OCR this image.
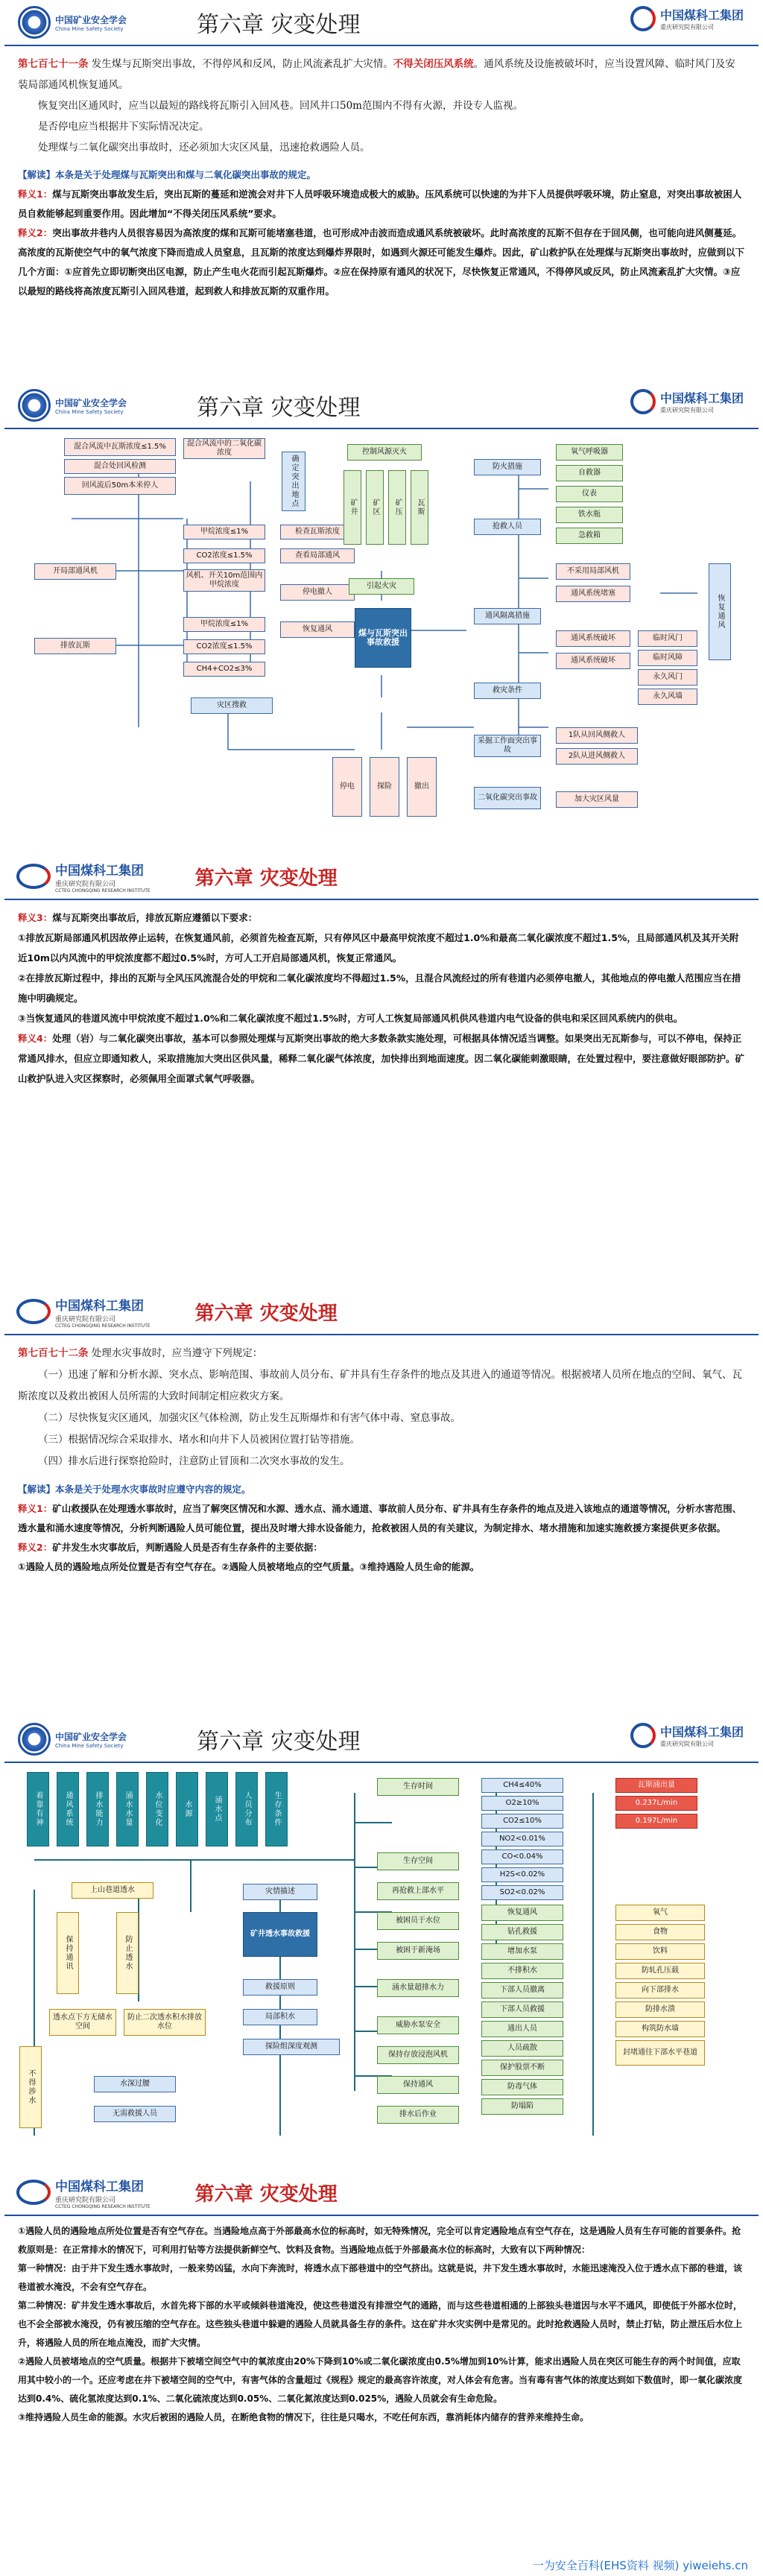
中国矿业安全学会
China Mine Safety Society	第六章 灾变处理	中国煤科工集团
重庆研究院有限公司

第七百七十一条 发生煤与瓦斯突出事故，不得停风和反风，防止风流紊乱扩大灾情。不得关闭压风系统。通风系统及设施被破坏时，应当设置风障、临时风门及安装局部通风机恢复通风。

恢复突出区通风时，应当以最短的路线将瓦斯引入回风巷。回风井口50m范围内不得有火源，并设专人监视。

是否停电应当根据井下实际情况决定。

处理煤与二氧化碳突出事故时，还必须加大灾区风量，迅速抢救遇险人员。

【解读】本条是关于处理煤与瓦斯突出和煤与二氧化碳突出事故的规定。

释义1：煤与瓦斯突出事故发生后，突出瓦斯的蔓延和逆流会对井下人员呼吸环境造成极大的威胁。压风系统可以快速的为井下人员提供呼吸环境，防止窒息，对突出事故被困人员自救能够起到重要作用。因此增加“不得关闭压风系统”要求。

释义2：突出事故井巷内人员很容易因为高浓度的煤和瓦斯可能堵塞巷道，也可形成冲击波而造成通风系统被破坏。此时高浓度的瓦斯不但存在于回风侧，也可能向进风侧蔓延。高浓度的瓦斯使空气中的氧气浓度下降而造成人员窒息，且瓦斯的浓度达到爆炸界限时，如遇到火源还可能发生爆炸。因此，矿山救护队在处理煤与瓦斯突出事故时，应做到以下几个方面：①应首先立即切断突出区电源，防止产生电火花而引起瓦斯爆炸。②应在保持原有通风的状况下，尽快恢复正常通风，不得停风或反风，防止风流紊乱扩大灾情。③应以最短的路线将高浓度瓦斯引入回风巷道，起到救人和排放瓦斯的双重作用。

中国矿业安全学会
China Mine Safety Society	第六章 灾变处理	中国煤科工集团
重庆研究院有限公司
混合风流中瓦斯浓度≤1.5%
混合处回风检测
回风流后50m本米停人
混合风流中的二氧化碳浓度
开局部通风机
排放瓦斯
甲烷浓度≤1%
CO2浓度≤1.5%
风机、开关10m范围内甲烷浓度
甲烷浓度≤1%
CO2浓度≤1.5%
CH4+CO2≤3%
检查瓦斯浓度
查看局部通风
停电撤人
恢复通风
确定突出地点
控制风源灭火
矿井	矿区	矿压	瓦斯
引起火灾
煤与瓦斯突出事故救援
灾区搜救
停电	探险	撤出
防火措施
抢救人员
通风隔离措施
救灾条件
氧气呼吸器
自救器
仪表
铁水瓶
急救箱
不采用局部风机
通风系统堵塞
通风系统破坏
通风系统破坏
临时风门
临时风障
永久风门
永久风墙
恢复通风
1队从回风侧救人
2队从进风侧救人
采掘工作面突出事故
二氧化碳突出事故	加大灾区风量
中国煤科工集团
重庆研究院有限公司
CCTEG CHONGQING RESEARCH INSTITUTE
第六章 灾变处理

释义3：煤与瓦斯突出事故后，排放瓦斯应遵循以下要求：

①排放瓦斯局部通风机因故停止运转，在恢复通风前，必须首先检查瓦斯，只有停风区中最高甲烷浓度不超过1.0%和最高二氧化碳浓度不超过1.5%，且局部通风机及其开关附近10m以内风流中的甲烷浓度都不超过0.5%时，方可人工开启局部通风机，恢复正常通风。

②在排放瓦斯过程中，排出的瓦斯与全风压风流混合处的甲烷和二氧化碳浓度均不得超过1.5%，且混合风流经过的所有巷道内必须停电撤人，其他地点的停电撤人范围应当在措施中明确规定。

③当恢复通风的巷道风流中甲烷浓度不超过1.0%和二氧化碳浓度不超过1.5%时，方可人工恢复局部通风机供风巷道内电气设备的供电和采区回风系统内的供电。

释义4：处理（岩）与二氧化碳突出事故，基本可以参照处理煤与瓦斯突出事故的绝大多数条款实施处理，可根据具体情况适当调整。如果突出无瓦斯参与，可以不停电，保持正常通风排水，但应立即通知救人，采取措施加大突出区供风量，稀释二氧化碳气体浓度，加快排出到地面速度。因二氧化碳能刺激眼睛，在处置过程中，要注意做好眼部防护。矿山救护队进入灾区探察时，必须佩用全面罩式氧气呼吸器。

中国煤科工集团
重庆研究院有限公司
CCTEG CHONGQING RESEARCH INSTITUTE
第六章 灾变处理

第七百七十二条 处理水灾事故时，应当遵守下列规定：

（一）迅速了解和分析水源、突水点、影响范围、事故前人员分布、矿井具有生存条件的地点及其进入的通道等情况。根据被堵人员所在地点的空间、氧气、瓦斯浓度以及救出被困人员所需的大致时间制定相应救灾方案。

（二）尽快恢复灾区通风，加强灾区气体检测，防止发生瓦斯爆炸和有害气体中毒、窒息事故。

（三）根据情况综合采取排水、堵水和向井下人员被困位置打钻等措施。

（四）排水后进行探察抢险时，注意防止冒顶和二次突水事故的发生。

【解读】本条是关于处理水灾事故时应遵守内容的规定。

释义1：矿山救援队在处理透水事故时，应当了解突区情况和水源、透水点、涌水通道、事故前人员分布、矿井具有生存条件的地点及进入该地点的通道等情况，分析水害范围、透水量和涌水速度等情况，分析判断遇险人员可能位置，提出及时增大排水设备能力，抢救被困人员的有关建议，为制定排水、堵水措施和加速实施救援方案提供更多依据。

释义2：矿井发生水灾事故后，判断遇险人员是否有生存条件的主要依据：

①遇险人员的遇险地点所处位置是否有空气存在。②遇险人员被堵地点的空气质量。③维持遇险人员生命的能源。

中国矿业安全学会
China Mine Safety Society	第六章 灾变处理	中国煤科工集团
重庆研究院有限公司
着靠有神	通风系统	排水能力	涌水水量	水位变化	水源	涌水点	人员分布	生存条件
上山巷道透水
保持通讯	防止透水
透水点下方无储水空间
防止二次透水积水排放水位
不得涉水
灾情描述
矿井透水事故救援
救援原则
局部积水
探险组深度观测
水深过腰
无需救援人员
生存时间
生存空间
再抢救上部水平
被困员于水位
被困于新淹场
涌水量超排水力
威胁水泵安全
保持存放浸泡风机
保持通风
排水后作业
CH4≤40%
O2≥10%
CO2≤10%
NO2<0.01%
CO<0.04%
H2S<0.02%
SO2<0.02%
瓦斯涌出量
0.237L/min
0.197L/min
恢复通风
钻孔救援
增加水泵
不排积水
下部人员撤离
下部人员救援
通出人员
人员疏散
保护股票不断
防毒气体
防塌陷
氧气
食物
饮料
防轧孔压载
向下部排水
防排水溃
构筑防水墙
封堵通往下部水平巷道
中国煤科工集团
重庆研究院有限公司
CCTEG CHONGQING RESEARCH INSTITUTE
第六章 灾变处理

①遇险人员的遇险地点所处位置是否有空气存在。当遇险地点高于外部最高水位的标高时，如无特殊情况，完全可以肯定遇险地点有空气存在，这是遇险人员有生存可能的首要条件。抢救原则是：在正常排水的情况下，可利用打钻等方法提供新鲜空气、饮料及食物。当遇险地点低于外部最高水位的标高时，大致有以下两种情况：

第一种情况：由于井下发生透水事故时，一般来势凶猛，水向下奔流时，将透水点下部巷道中的空气挤出。这就是说，井下发生透水事故时，水能迅速淹没入位于透水点下部的巷道，该巷道被水淹没，不会有空气存在。

第二种情况：矿井发生透水事故后，水首先将下部的水平或倾斜巷道淹没，使这些巷道没有排泄空气的通路，而与这些巷道相通的上部独头巷道因与水平不通风，即使低于外部水位时，也不会全部被水淹没，仍有被压缩的空气存在。这些独头巷道中躲避的遇险人员就具备生存的条件。这在矿井水灾实例中是常见的。此时抢救遇险人员时，禁止打钻，防止泄压后水位上升，将遇险人员的所在地点淹没，而扩大灾情。

②遇险人员被堵地点的空气质量。根据井下被堵空间空气中的氧浓度由20%下降到10%或二氧化碳浓度由0.5%增加到10%计算，能求出遇险人员在突区可能生存的两个时间值，应取用其中较小的一个。还应考虑在井下被堵空间的空气中，有害气体的含量超过《规程》规定的最高容许浓度，对人体会有危害。当有毒有害气体的浓度达到如下数值时，即一氧化碳浓度达到0.4%、硫化氢浓度达到0.1%、二氧化硫浓度达到0.05%、二氧化氮浓度达到0.025%，遇险人员就会有生命危险。

③维持遇险人员生命的能源。水灾后被困的遇险人员，在断绝食物的情况下，往往是只喝水，不吃任何东西，靠消耗体内储存的营养来维持生命。

一为安全百科(EHS资料 视频) yiweiehs.cn
